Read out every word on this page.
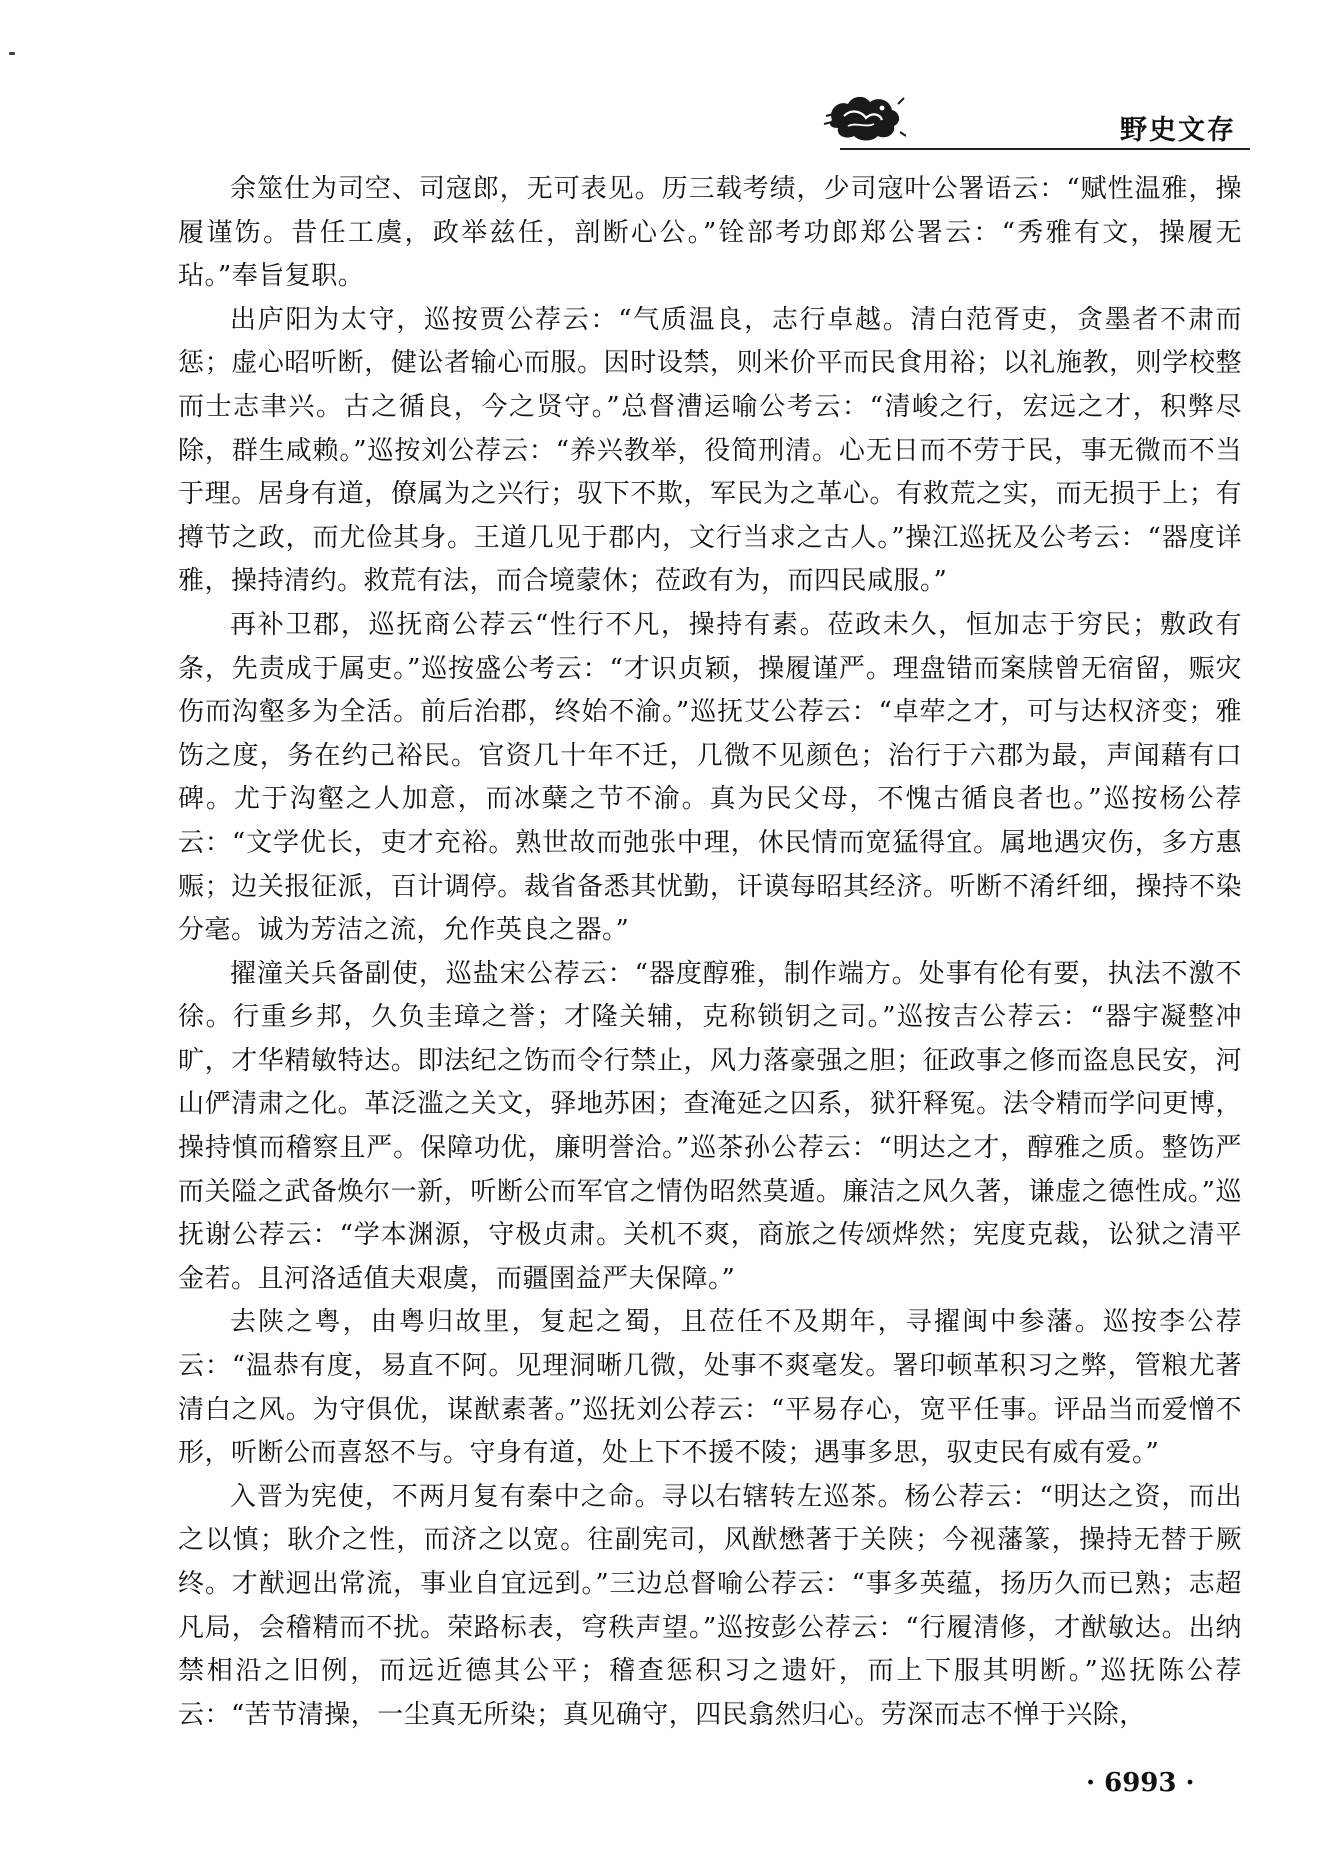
野史文存

余筮仕为司空、司寇郎，无可表见。历三载考绩，少司寇叶公署语云：“赋性温雅，操履谨饬。昔任工虞，政举兹任，剖断心公。”铨部考功郎郑公署云：“秀雅有文，操履无玷。”奉旨复职。

出庐阳为太守，巡按贾公荐云：“气质温良，志行卓越。清白范胥吏，贪墨者不肃而惩；虚心昭听断，健讼者输心而服。因时设禁，则米价平而民食用裕；以礼施教，则学校整而士志聿兴。古之循良，今之贤守。”总督漕运喻公考云：“清峻之行，宏远之才，积弊尽除，群生咸赖。”巡按刘公荐云：“养兴教举，役简刑清。心无日而不劳于民，事无微而不当于理。居身有道，僚属为之兴行；驭下不欺，军民为之革心。有救荒之实，而无损于上；有撙节之政，而尤俭其身。王道几见于郡内，文行当求之古人。”操江巡抚及公考云：“器度详雅，操持清约。救荒有法，而合境蒙休；莅政有为，而四民咸服。”

再补卫郡，巡抚商公荐云“性行不凡，操持有素。莅政未久，恒加志于穷民；敷政有条，先责成于属吏。”巡按盛公考云：“才识贞颖，操履谨严。理盘错而案牍曾无宿留，赈灾伤而沟壑多为全活。前后治郡，终始不渝。”巡抚艾公荐云：“卓荦之才，可与达权济变；雅饬之度，务在约己裕民。官资几十年不迁，几微不见颜色；治行于六郡为最，声闻藉有口碑。尤于沟壑之人加意，而冰蘖之节不渝。真为民父母，不愧古循良者也。”巡按杨公荐云：“文学优长，吏才充裕。熟世故而弛张中理，休民情而宽猛得宜。属地遇灾伤，多方惠赈；边关报征派，百计调停。裁省备悉其忧勤，讦谟每昭其经济。听断不淆纤细，操持不染分毫。诚为芳洁之流，允作英良之器。”

擢潼关兵备副使，巡盐宋公荐云：“器度醇雅，制作端方。处事有伦有要，执法不激不徐。行重乡邦，久负圭璋之誉；才隆关辅，克称锁钥之司。”巡按吉公荐云：“器宇凝整冲旷，才华精敏特达。即法纪之饬而令行禁止，风力落豪强之胆；征政事之修而盗息民安，河山俨清肃之化。革泛滥之关文，驿地苏困；查淹延之囚系，狱犴释冤。法令精而学问更博，操持慎而稽察且严。保障功优，廉明誉洽。”巡茶孙公荐云：“明达之才，醇雅之质。整饬严而关隘之武备焕尔一新，听断公而军官之情伪昭然莫遁。廉洁之风久著，谦虚之德性成。”巡抚谢公荐云：“学本渊源，守极贞肃。关机不爽，商旅之传颂烨然；宪度克裁，讼狱之清平金若。且河洛适值夫艰虞，而疆圉益严夫保障。”

去陕之粤，由粤归故里，复起之蜀，且莅任不及期年，寻擢闽中参藩。巡按李公荐云：“温恭有度，易直不阿。见理洞晰几微，处事不爽毫发。署印顿革积习之弊，管粮尤著清白之风。为守俱优，谋猷素著。”巡抚刘公荐云：“平易存心，宽平任事。评品当而爱憎不形，听断公而喜怒不与。守身有道，处上下不援不陵；遇事多思，驭吏民有威有爱。”

入晋为宪使，不两月复有秦中之命。寻以右辖转左巡茶。杨公荐云：“明达之资，而出之以慎；耿介之性，而济之以宽。往副宪司，风猷懋著于关陕；今视藩篆，操持无替于厥终。才猷迥出常流，事业自宜远到。”三边总督喻公荐云：“事多英蕴，扬历久而已熟；志超凡局，会稽精而不扰。荣路标表，穹秩声望。”巡按彭公荐云：“行履清修，才猷敏达。出纳禁相沿之旧例，而远近德其公平；稽查惩积习之遗奸，而上下服其明断。”巡抚陈公荐云：“苦节清操，一尘真无所染；真见确守，四民翕然归心。劳深而志不惮于兴除，

· 6993 ·
